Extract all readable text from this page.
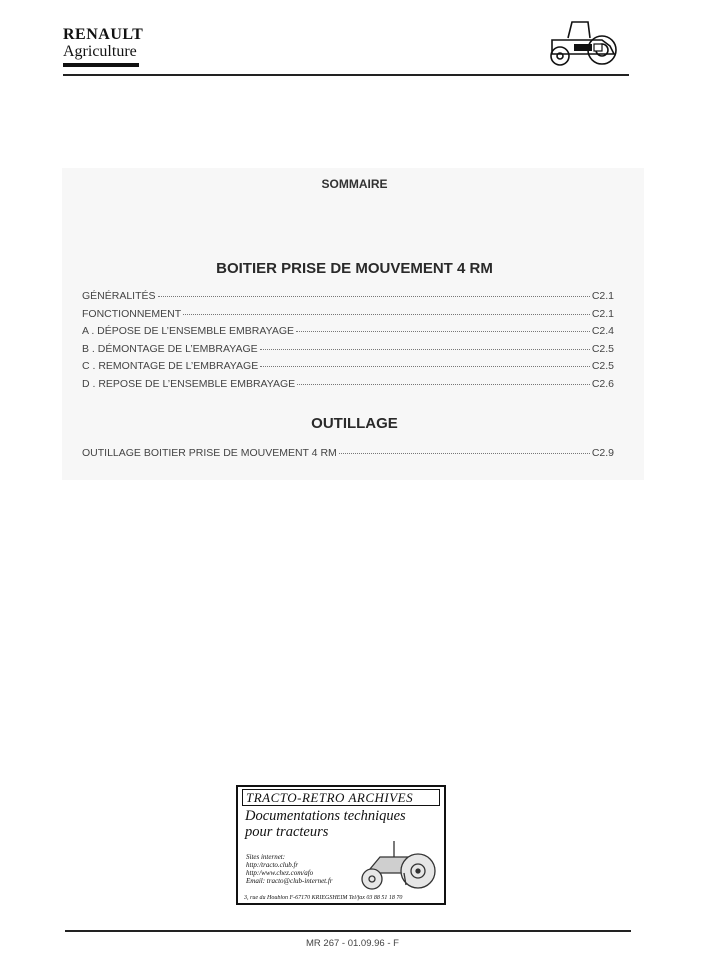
RENAULT
Agriculture
SOMMAIRE
BOITIER PRISE DE MOUVEMENT 4 RM
GÉNÉRALITÉS	C2.1
FONCTIONNEMENT	C2.1
A . DÉPOSE DE L’ENSEMBLE EMBRAYAGE	C2.4
B . DÉMONTAGE DE L’EMBRAYAGE	C2.5
C . REMONTAGE DE L’EMBRAYAGE	C2.5
D . REPOSE DE L’ENSEMBLE EMBRAYAGE	C2.6
OUTILLAGE
OUTILLAGE BOITIER PRISE DE MOUVEMENT 4 RM	C2.9
TRACTO-RETRO ARCHIVES
Documentations techniques
pour tracteurs
Sites internet:
http:/tracto.club.fr
http:/www.chez.com/afo
Email: tracto@club-internet.fr
3, rue du Houblon F-67170 KRIEGSHEIM Tel/fax 03 88 51 18 70
MR 267 - 01.09.96 - F
